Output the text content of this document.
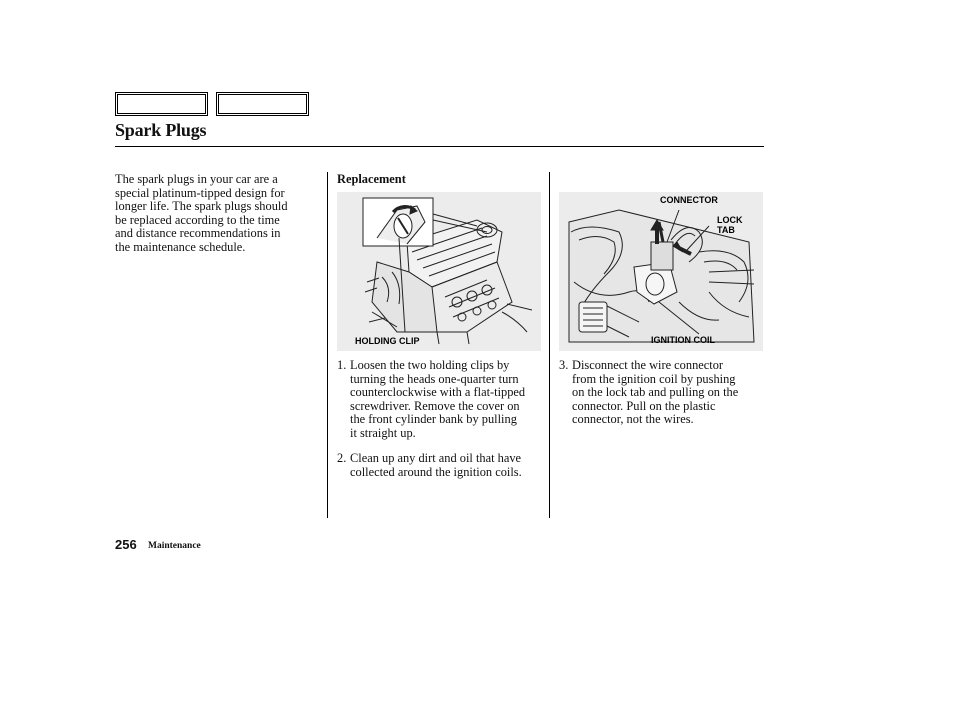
Spark Plugs
The spark plugs in your car are a
special platinum-tipped design for
longer life. The spark plugs should
be replaced according to the time
and distance recommendations in
the maintenance schedule.
Replacement
HOLDING CLIP
CONNECTOR
LOCK
TAB
IGNITION COIL
1. Loosen the two holding clips by
turning the heads one-quarter turn
counterclockwise with a flat-tipped
screwdriver. Remove the cover on
the front cylinder bank by pulling
it straight up.
2. Clean up any dirt and oil that have
collected around the ignition coils.
3. Disconnect the wire connector
from the ignition coil by pushing
on the lock tab and pulling on the
connector. Pull on the plastic
connector, not the wires.
256 Maintenance
